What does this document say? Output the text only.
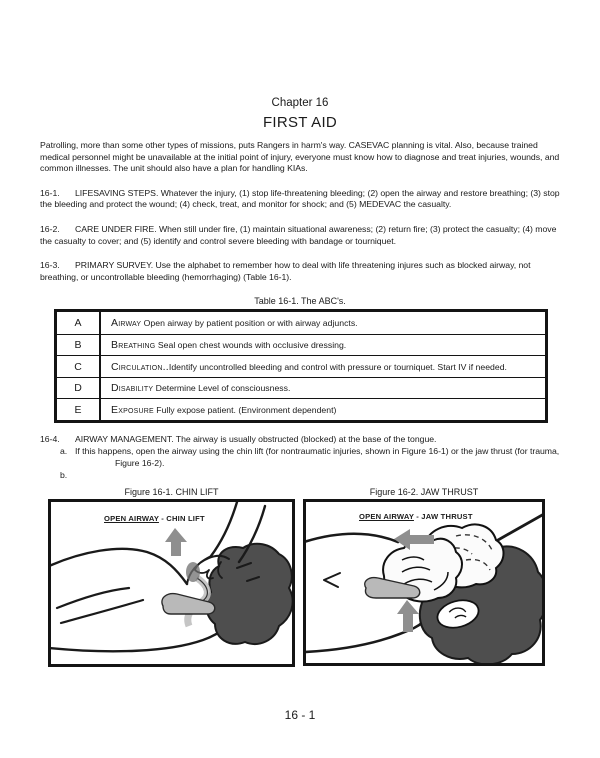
Chapter 16
FIRST AID

Patrolling, more than some other types of missions, puts Rangers in harm's way. CASEVAC planning is vital. Also, because trained medical personnel might be unavailable at the initial point of injury, everyone must know how to diagnose and treat injuries, wounds, and common illnesses. The unit should also have a plan for handling KIAs.

16-1. LIFESAVING STEPS. Whatever the injury, (1) stop life-threatening bleeding; (2) open the airway and restore breathing; (3) stop the bleeding and protect the wound; (4) check, treat, and monitor for shock; and (5) MEDEVAC the casualty.

16-2. CARE UNDER FIRE. When still under fire, (1) maintain situational awareness; (2) return fire; (3) protect the casualty; (4) move the casualty to cover; and (5) identify and control severe bleeding with bandage or tourniquet.

16-3. PRIMARY SURVEY. Use the alphabet to remember how to deal with life threatening injures such as blocked airway, not breathing, or uncontrollable bleeding (hemorrhaging) (Table 16-1).

Table 16-1. The ABC's.
A	Airway Open airway by patient position or with airway adjuncts.
B	Breathing Seal open chest wounds with occlusive dressing.
C	Circulation..Identify uncontrolled bleeding and control with pressure or tourniquet. Start IV if needed.
D	Disability Determine Level of consciousness.
E	Exposure Fully expose patient. (Environment dependent)

16-4. AIRWAY MANAGEMENT. The airway is usually obstructed (blocked) at the base of the tongue.

a. If this happens, open the airway using the chin lift (for nontraumatic injuries, shown in Figure 16-1) or the jaw thrust (for trauma, Figure 16-2).

b.

Figure 16-1. CHIN LIFT	Figure 16-2. JAW THRUST
OPEN AIRWAY - CHIN LIFT	OPEN AIRWAY - JAW THRUST
16 - 1
